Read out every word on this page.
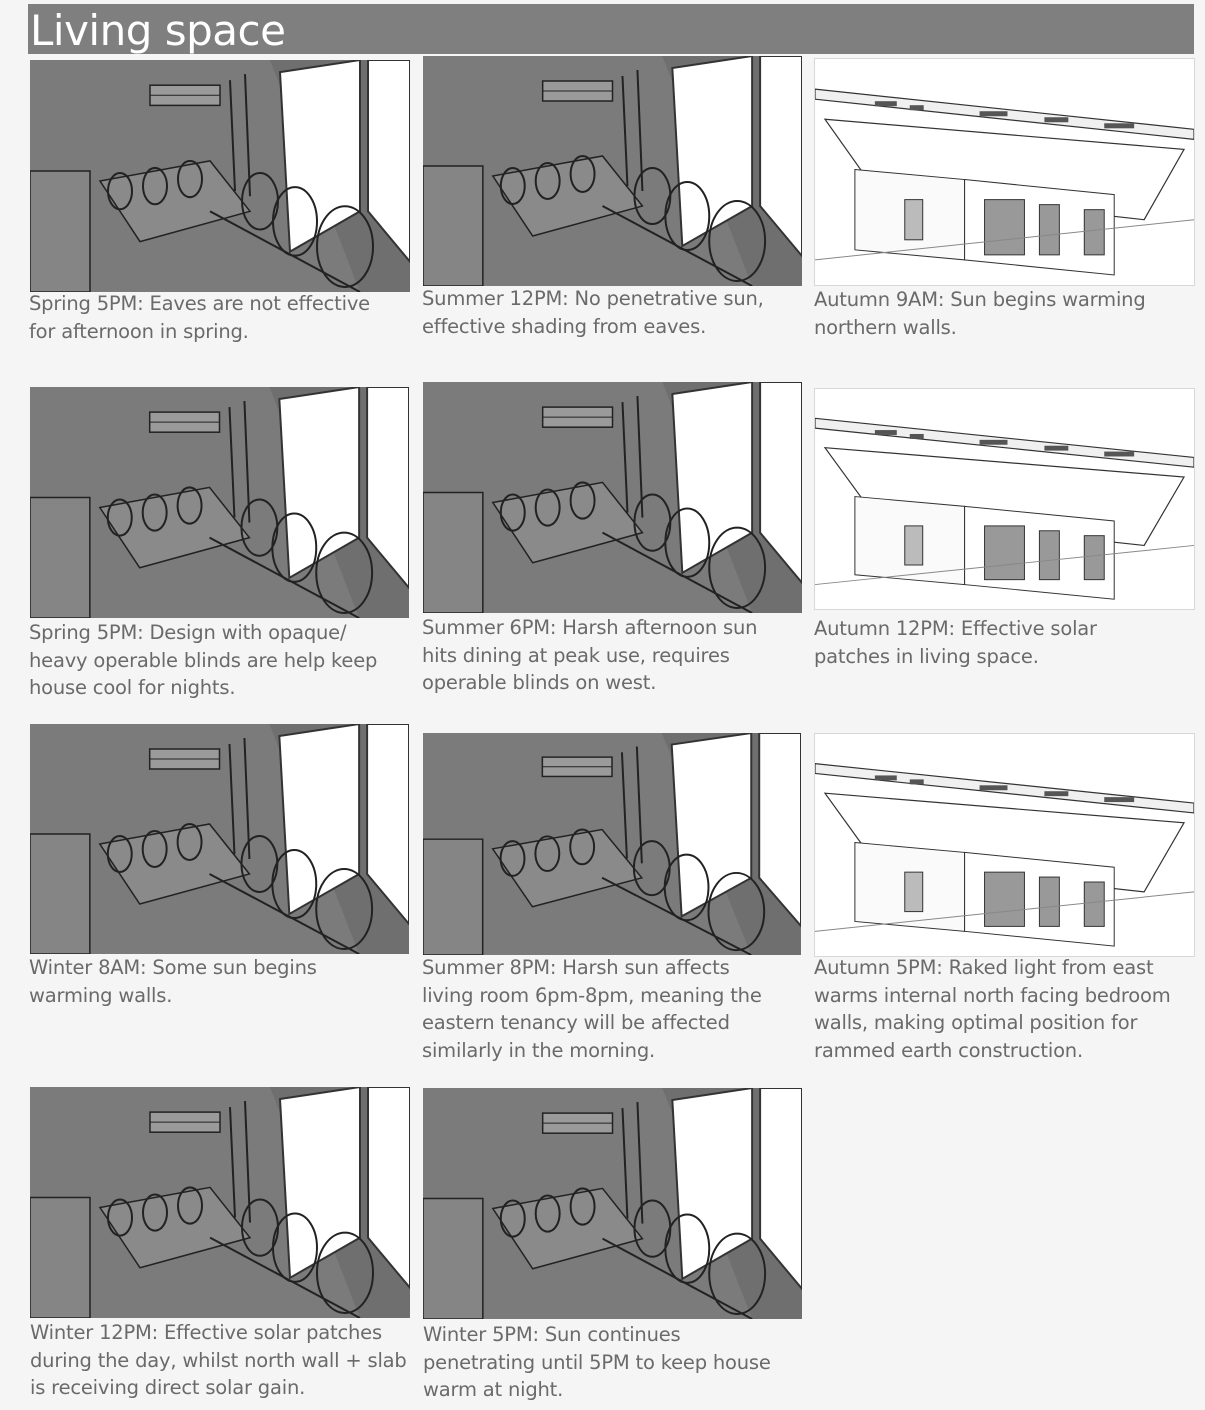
Living space
Spring 5PM: Eaves are not effective
for afternoon in spring.
Summer 12PM: No penetrative sun,
effective shading from eaves.
Autumn 9AM: Sun begins warming
northern walls.
Spring 5PM: Design with opaque/
heavy operable blinds are help keep
house cool for nights.
Summer 6PM: Harsh afternoon sun
hits dining at peak use, requires
operable blinds on west.
Autumn 12PM: Effective solar
patches in living space.
Winter 8AM: Some sun begins
warming walls.
Summer 8PM: Harsh sun affects
living room 6pm-8pm, meaning the
eastern tenancy will be affected
similarly in the morning.
Autumn 5PM: Raked light from east
warms internal north facing bedroom
walls, making optimal position for
rammed earth construction.
Winter 12PM: Effective solar patches
during the day, whilst north wall + slab
is receiving direct solar gain.
Winter 5PM: Sun continues
penetrating until 5PM to keep house
warm at night.
